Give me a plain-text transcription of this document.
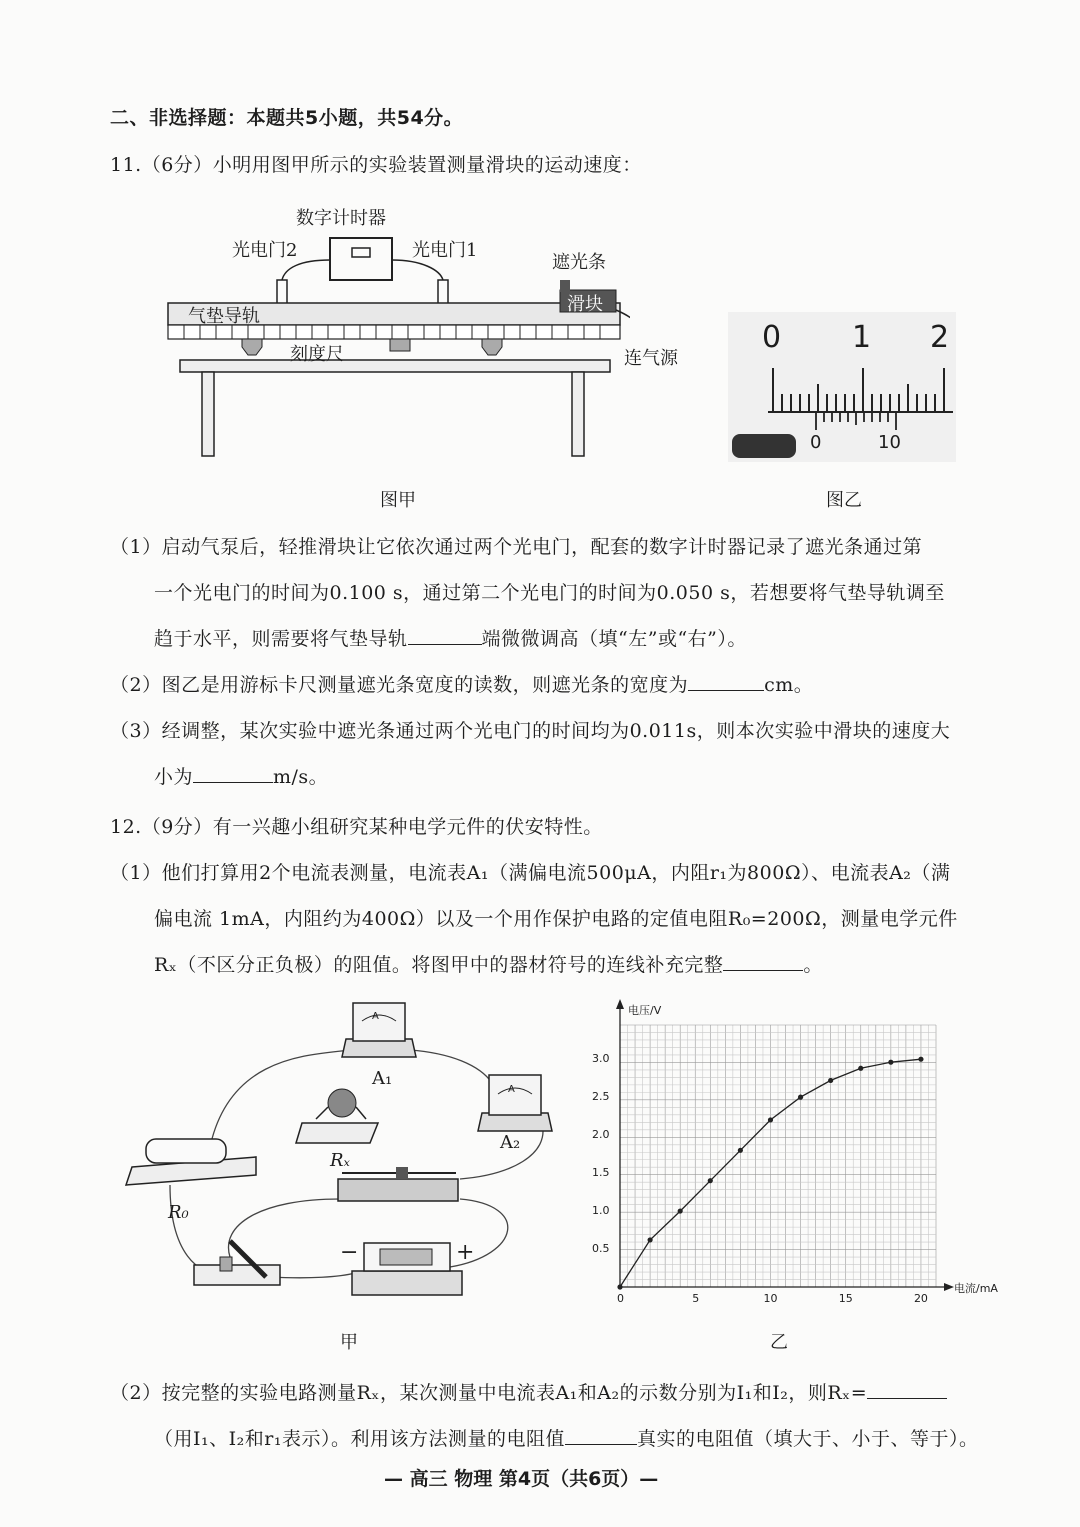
二、非选择题：本题共5小题，共54分。
11.（6分）小明用图甲所示的实验装置测量滑块的运动速度：
数字计时器
光电门2	光电门1
遮光条
滑块
气垫导轨
刻度尺	连气源
图甲
0 1 2
0	10
图乙
（1）启动气泵后，轻推滑块让它依次通过两个光电门，配套的数字计时器记录了遮光条通过第
一个光电门的时间为0.100 s，通过第二个光电门的时间为0.050 s，若想要将气垫导轨调至
趋于水平，则需要将气垫导轨	端微微调高（填“左”或“右”）。
（2）图乙是用游标卡尺测量遮光条宽度的读数，则遮光条的宽度为	cm。
（3）经调整，某次实验中遮光条通过两个光电门的时间均为0.011s，则本次实验中滑块的速度大
小为	m/s。
12.（9分）有一兴趣小组研究某种电学元件的伏安特性。
（1）他们打算用2个电流表测量，电流表A₁（满偏电流500μA，内阻r₁为800Ω）、电流表A₂（满
偏电流 1mA，内阻约为400Ω）以及一个用作保护电路的定值电阻R₀=200Ω，测量电学元件
Rₓ（不区分正负极）的阻值。将图甲中的器材符号的连线补充完整	。
A
A
A₁
A₂
Rₓ
R₀
−	+
甲
电压/V
电流/mA
0	5	10	15	20
0.5
1.0
1.5
2.0
2.5
3.0
乙
（2）按完整的实验电路测量Rₓ，某次测量中电流表A₁和A₂的示数分别为I₁和I₂，则Rₓ=
（用I₁、I₂和r₁表示）。利用该方法测量的电阻值	真实的电阻值（填大于、小于、等于）。
— 高三 物理 第4页（共6页）—
